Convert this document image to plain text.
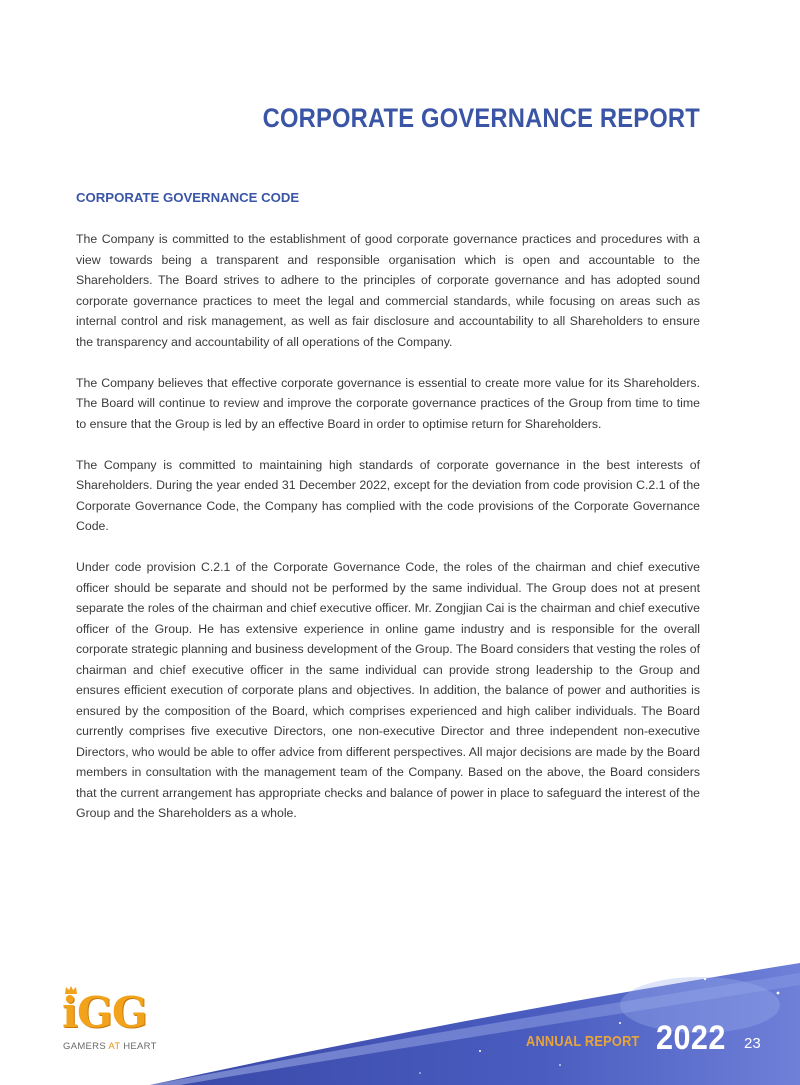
CORPORATE GOVERNANCE REPORT
CORPORATE GOVERNANCE CODE

The Company is committed to the establishment of good corporate governance practices and procedures with a view towards being a transparent and responsible organisation which is open and accountable to the Shareholders. The Board strives to adhere to the principles of corporate governance and has adopted sound corporate governance practices to meet the legal and commercial standards, while focusing on areas such as internal control and risk management, as well as fair disclosure and accountability to all Shareholders to ensure the transparency and accountability of all operations of the Company.

The Company believes that effective corporate governance is essential to create more value for its Shareholders. The Board will continue to review and improve the corporate governance practices of the Group from time to time to ensure that the Group is led by an effective Board in order to optimise return for Shareholders.

The Company is committed to maintaining high standards of corporate governance in the best interests of Shareholders. During the year ended 31 December 2022, except for the deviation from code provision C.2.1 of the Corporate Governance Code, the Company has complied with the code provisions of the Corporate Governance Code.

Under code provision C.2.1 of the Corporate Governance Code, the roles of the chairman and chief executive officer should be separate and should not be performed by the same individual. The Group does not at present separate the roles of the chairman and chief executive officer. Mr. Zongjian Cai is the chairman and chief executive officer of the Group. He has extensive experience in online game industry and is responsible for the overall corporate strategic planning and business development of the Group. The Board considers that vesting the roles of chairman and chief executive officer in the same individual can provide strong leadership to the Group and ensures efficient execution of corporate plans and objectives. In addition, the balance of power and authorities is ensured by the composition of the Board, which comprises experienced and high caliber individuals. The Board currently comprises five executive Directors, one non-executive Director and three independent non-executive Directors, who would be able to offer advice from different perspectives. All major decisions are made by the Board members in consultation with the management team of the Company. Based on the above, the Board considers that the current arrangement has appropriate checks and balance of power in place to safeguard the interest of the Group and the Shareholders as a whole.

iGG
GAMERS AT HEART	ANNUAL REPORT 2022 23
